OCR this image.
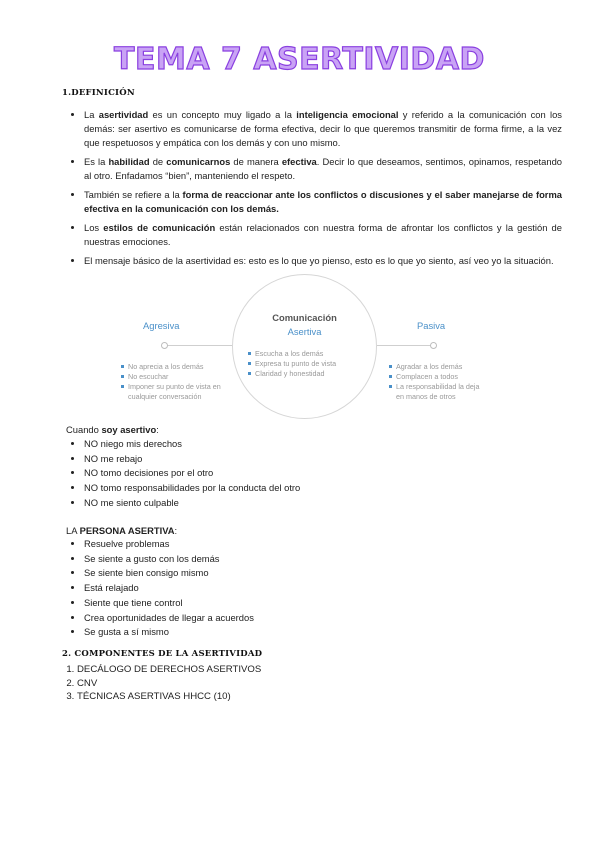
TEMA 7 ASERTIVIDAD
1.DEFINICIÓN
• La asertividad es un concepto muy ligado a la inteligencia emocional y referido a la comunicación con los demás: ser asertivo es comunicarse de forma efectiva, decir lo que queremos transmitir de forma firme, a la vez que respetuosos y empática con los demás y con uno mismo.
• Es la habilidad de comunicarnos de manera efectiva. Decir lo que deseamos, sentimos, opinamos, respetando al otro. Enfadamos “bien”, manteniendo el respeto.
• También se refiere a la forma de reaccionar ante los conflictos o discusiones y el saber manejarse de forma efectiva en la comunicación con los demás.
• Los estilos de comunicación están relacionados con nuestra forma de afrontar los conflictos y la gestión de nuestras emociones.
• El mensaje básico de la asertividad es: esto es lo que yo pienso, esto es lo que yo siento, así veo yo la situación.
Agresiva	Pasiva
Comunicación
Asertiva
No aprecia a los demás
No escuchar
Imponer su punto de vista en cualquier conversación
Escucha a los demás
Expresa tu punto de vista
Claridad y honestidad
Agradar a los demás
Complacen a todos
La responsabilidad la deja en manos de otros
Cuando soy asertivo:
• NO niego mis derechos
• NO me rebajo
• NO tomo decisiones por el otro
• NO tomo responsabilidades por la conducta del otro
• NO me siento culpable
LA PERSONA ASERTIVA:
• Resuelve problemas
• Se siente a gusto con los demás
• Se siente bien consigo mismo
• Está relajado
• Siente que tiene control
• Crea oportunidades de llegar a acuerdos
• Se gusta a sí mismo
2. COMPONENTES DE LA ASERTIVIDAD
1. DECÁLOGO DE DERECHOS ASERTIVOS
2. CNV
3. TÉCNICAS ASERTIVAS HHCC (10)
